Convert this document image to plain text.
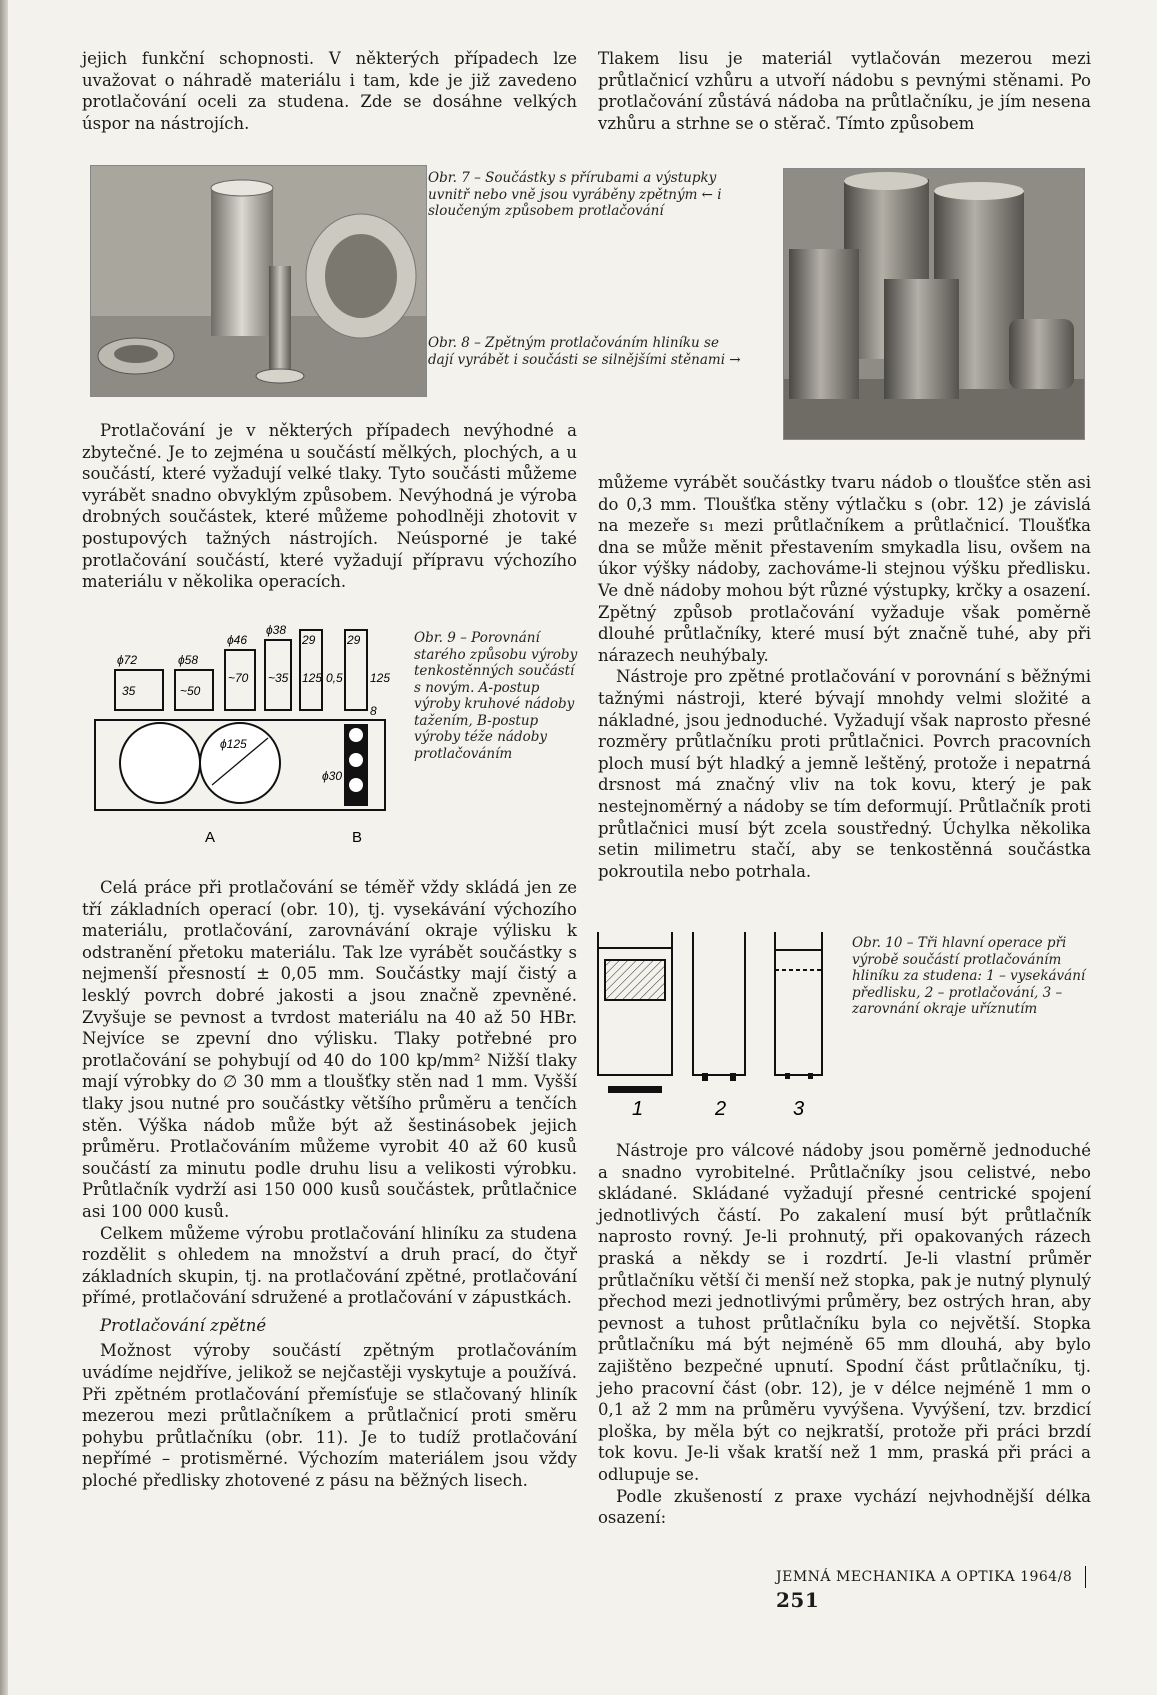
jejich funkční schopnosti. V některých případech lze uvažovat o náhradě materiálu i tam, kde je již zavedeno protlačování oceli za studena. Zde se dosáhne velkých úspor na nástrojích.

Obr. 7 – Součástky s přírubami a výstupky uvnitř nebo vně jsou vyráběny zpětným ← i sloučeným způsobem protlačování
Obr. 8 – Zpětným protlačováním hliníku se dají vyrábět i součásti se silnějšími stěnami →

Protlačování je v některých případech nevýhodné a zbytečné. Je to zejména u součástí mělkých, plochých, a u součástí, které vyžadují velké tlaky. Tyto součásti můžeme vyrábět snadno obvyklým způsobem. Nevýhodná je výroba drobných součástek, které můžeme pohodlněji zhotovit v postupových tažných nástrojích. Neúsporné je také protlačování součástí, které vyžadují přípravu výchozího materiálu v několika operacích.

ϕ72	ϕ58
ϕ46
ϕ38
29	29
35	~50
~70 ~35 125 0,5 125
8
ϕ125
ϕ30
A	B
Obr. 9 – Porovnání starého způsobu výroby tenkostěnných součástí s novým. A-postup výroby kruhové nádoby tažením, B-postup výroby téže nádoby protlačováním

Celá práce při protlačování se téměř vždy skládá jen ze tří základních operací (obr. 10), tj. vysekávání výchozího materiálu, protlačování, zarovnávání okraje výlisku k odstranění přetoku materiálu. Tak lze vyrábět součástky s nejmenší přesností ± 0,05 mm. Součástky mají čistý a lesklý povrch dobré jakosti a jsou značně zpevněné. Zvyšuje se pevnost a tvrdost materiálu na 40 až 50 HBr. Nejvíce se zpevní dno výlisku. Tlaky potřebné pro protlačování se pohybují od 40 do 100 kp/mm² Nižší tlaky mají výrobky do ∅ 30 mm a tloušťky stěn nad 1 mm. Vyšší tlaky jsou nutné pro součástky většího průměru a tenčích stěn. Výška nádob může být až šestinásobek jejich průměru. Protlačováním můžeme vyrobit 40 až 60 kusů součástí za minutu podle druhu lisu a velikosti výrobku. Průtlačník vydrží asi 150 000 kusů součástek, průtlačnice asi 100 000 kusů.

Celkem můžeme výrobu protlačování hliníku za studena rozdělit s ohledem na množství a druh prací, do čtyř základních skupin, tj. na protlačování zpětné, protlačování přímé, protlačování sdružené a protlačování v zápustkách.

Protlačování zpětné

Možnost výroby součástí zpětným protlačováním uvádíme nejdříve, jelikož se nejčastěji vyskytuje a používá. Při zpětném protlačování přemísťuje se stlačovaný hliník mezerou mezi průtlačníkem a průtlačnicí proti směru pohybu průtlačníku (obr. 11). Je to tudíž protlačování nepřímé – protisměrné. Výchozím materiálem jsou vždy ploché předlisky zhotovené z pásu na běžných lisech.

Tlakem lisu je materiál vytlačován mezerou mezi průtlačnicí vzhůru a utvoří nádobu s pevnými stěnami. Po protlačování zůstává nádoba na průtlačníku, je jím nesena vzhůru a strhne se o stěrač. Tímto způsobem

můžeme vyrábět součástky tvaru nádob o tloušťce stěn asi do 0,3 mm. Tloušťka stěny výtlačku s (obr. 12) je závislá na mezeře s₁ mezi průtlačníkem a průtlačnicí. Tloušťka dna se může měnit přestavením smykadla lisu, ovšem na úkor výšky nádoby, zachováme-li stejnou výšku předlisku. Ve dně nádoby mohou být různé výstupky, krčky a osazení. Zpětný způsob protlačování vyžaduje však poměrně dlouhé průtlačníky, které musí být značně tuhé, aby při nárazech neuhýbaly.

Nástroje pro zpětné protlačování v porovnání s běžnými tažnými nástroji, které bývají mnohdy velmi složité a nákladné, jsou jednoduché. Vyžadují však naprosto přesné rozměry průtlačníku proti průtlačnici. Povrch pracovních ploch musí být hladký a jemně leštěný, protože i nepatrná drsnost má značný vliv na tok kovu, který je pak nestejnoměrný a nádoby se tím deformují. Průtlačník proti průtlačnici musí být zcela soustředný. Úchylka několika setin milimetru stačí, aby se tenkostěnná součástka pokroutila nebo potrhala.

1	2	3
Obr. 10 – Tři hlavní operace při výrobě součástí protlačováním hliníku za studena: 1 – vysekávání předlisku, 2 – protlačování, 3 – zarovnání okraje uříznutím

Nástroje pro válcové nádoby jsou poměrně jednoduché a snadno vyrobitelné. Průtlačníky jsou celistvé, nebo skládané. Skládané vyžadují přesné centrické spojení jednotlivých částí. Po zakalení musí být průtlačník naprosto rovný. Je-li prohnutý, při opakovaných rázech praská a někdy se i rozdrtí. Je-li vlastní průměr průtlačníku větší či menší než stopka, pak je nutný plynulý přechod mezi jednotlivými průměry, bez ostrých hran, aby pevnost a tuhost průtlačníku byla co největší. Stopka průtlačníku má být nejméně 65 mm dlouhá, aby bylo zajištěno bezpečné upnutí. Spodní část průtlačníku, tj. jeho pracovní část (obr. 12), je v délce nejméně 1 mm o 0,1 až 2 mm na průměru vyvýšena. Vyvýšení, tzv. brzdicí ploška, by měla být co nejkratší, protože při práci brzdí tok kovu. Je-li však kratší než 1 mm, praská při práci a odlupuje se.

Podle zkušeností z praxe vychází nejvhodnější délka osazení:

JEMNÁ MECHANIKA A OPTIKA 1964/8  251
